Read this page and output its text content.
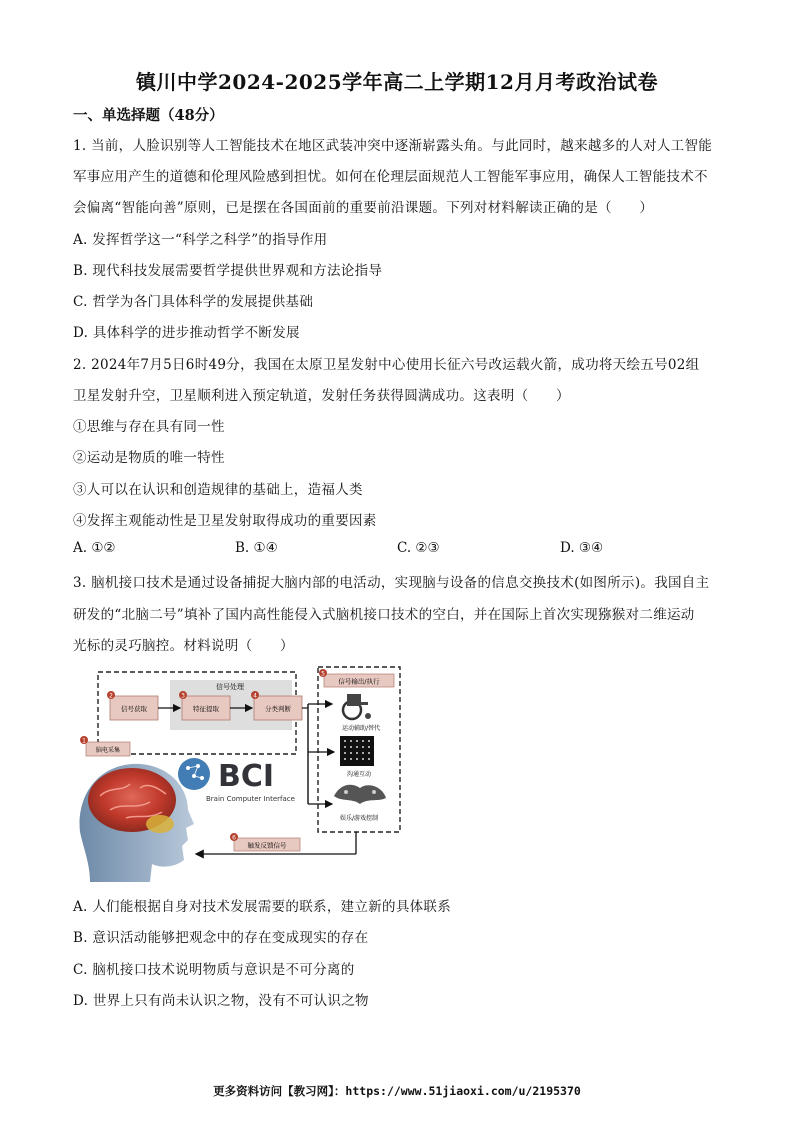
镇川中学2024-2025学年高二上学期12月月考政治试卷
一、单选择题（48分）
1. 当前，人脸识别等人工智能技术在地区武装冲突中逐渐崭露头角。与此同时，越来越多的人对人工智能
军事应用产生的道德和伦理风险感到担忧。如何在伦理层面规范人工智能军事应用，确保人工智能技术不
会偏离“智能向善”原则，已是摆在各国面前的重要前沿课题。下列对材料解读正确的是（　　）
A. 发挥哲学这一“科学之科学”的指导作用
B. 现代科技发展需要哲学提供世界观和方法论指导
C. 哲学为各门具体科学的发展提供基础
D. 具体科学的进步推动哲学不断发展
2. 2024年7月5日6时49分，我国在太原卫星发射中心使用长征六号改运载火箭，成功将天绘五号02组
卫星发射升空，卫星顺利进入预定轨道，发射任务获得圆满成功。这表明（　　）
①思维与存在具有同一性
②运动是物质的唯一特性
③人可以在认识和创造规律的基础上，造福人类
④发挥主观能动性是卫星发射取得成功的重要因素
A. ①②	B. ①④	C. ②③	D. ③④
3. 脑机接口技术是通过设备捕捉大脑内部的电活动，实现脑与设备的信息交换技术(如图所示)。我国自主
研发的“北脑二号”填补了国内高性能侵入式脑机接口技术的空白，并在国际上首次实现猕猴对二维运动
光标的灵巧脑控。材料说明（　　）
信号处理
信号获取	特征提取	分类判断
2	3	4
脑电采集
1
BCI
Brain Computer Interface
信号输出/执行
5
运动辅助/替代
沟通互动
娱乐/游戏控制
触发反馈信号
6
A. 人们能根据自身对技术发展需要的联系，建立新的具体联系
B. 意识活动能够把观念中的存在变成现实的存在
C. 脑机接口技术说明物质与意识是不可分离的
D. 世界上只有尚未认识之物，没有不可认识之物
更多资料访问【教习网】：https://www.51jiaoxi.com/u/2195370
